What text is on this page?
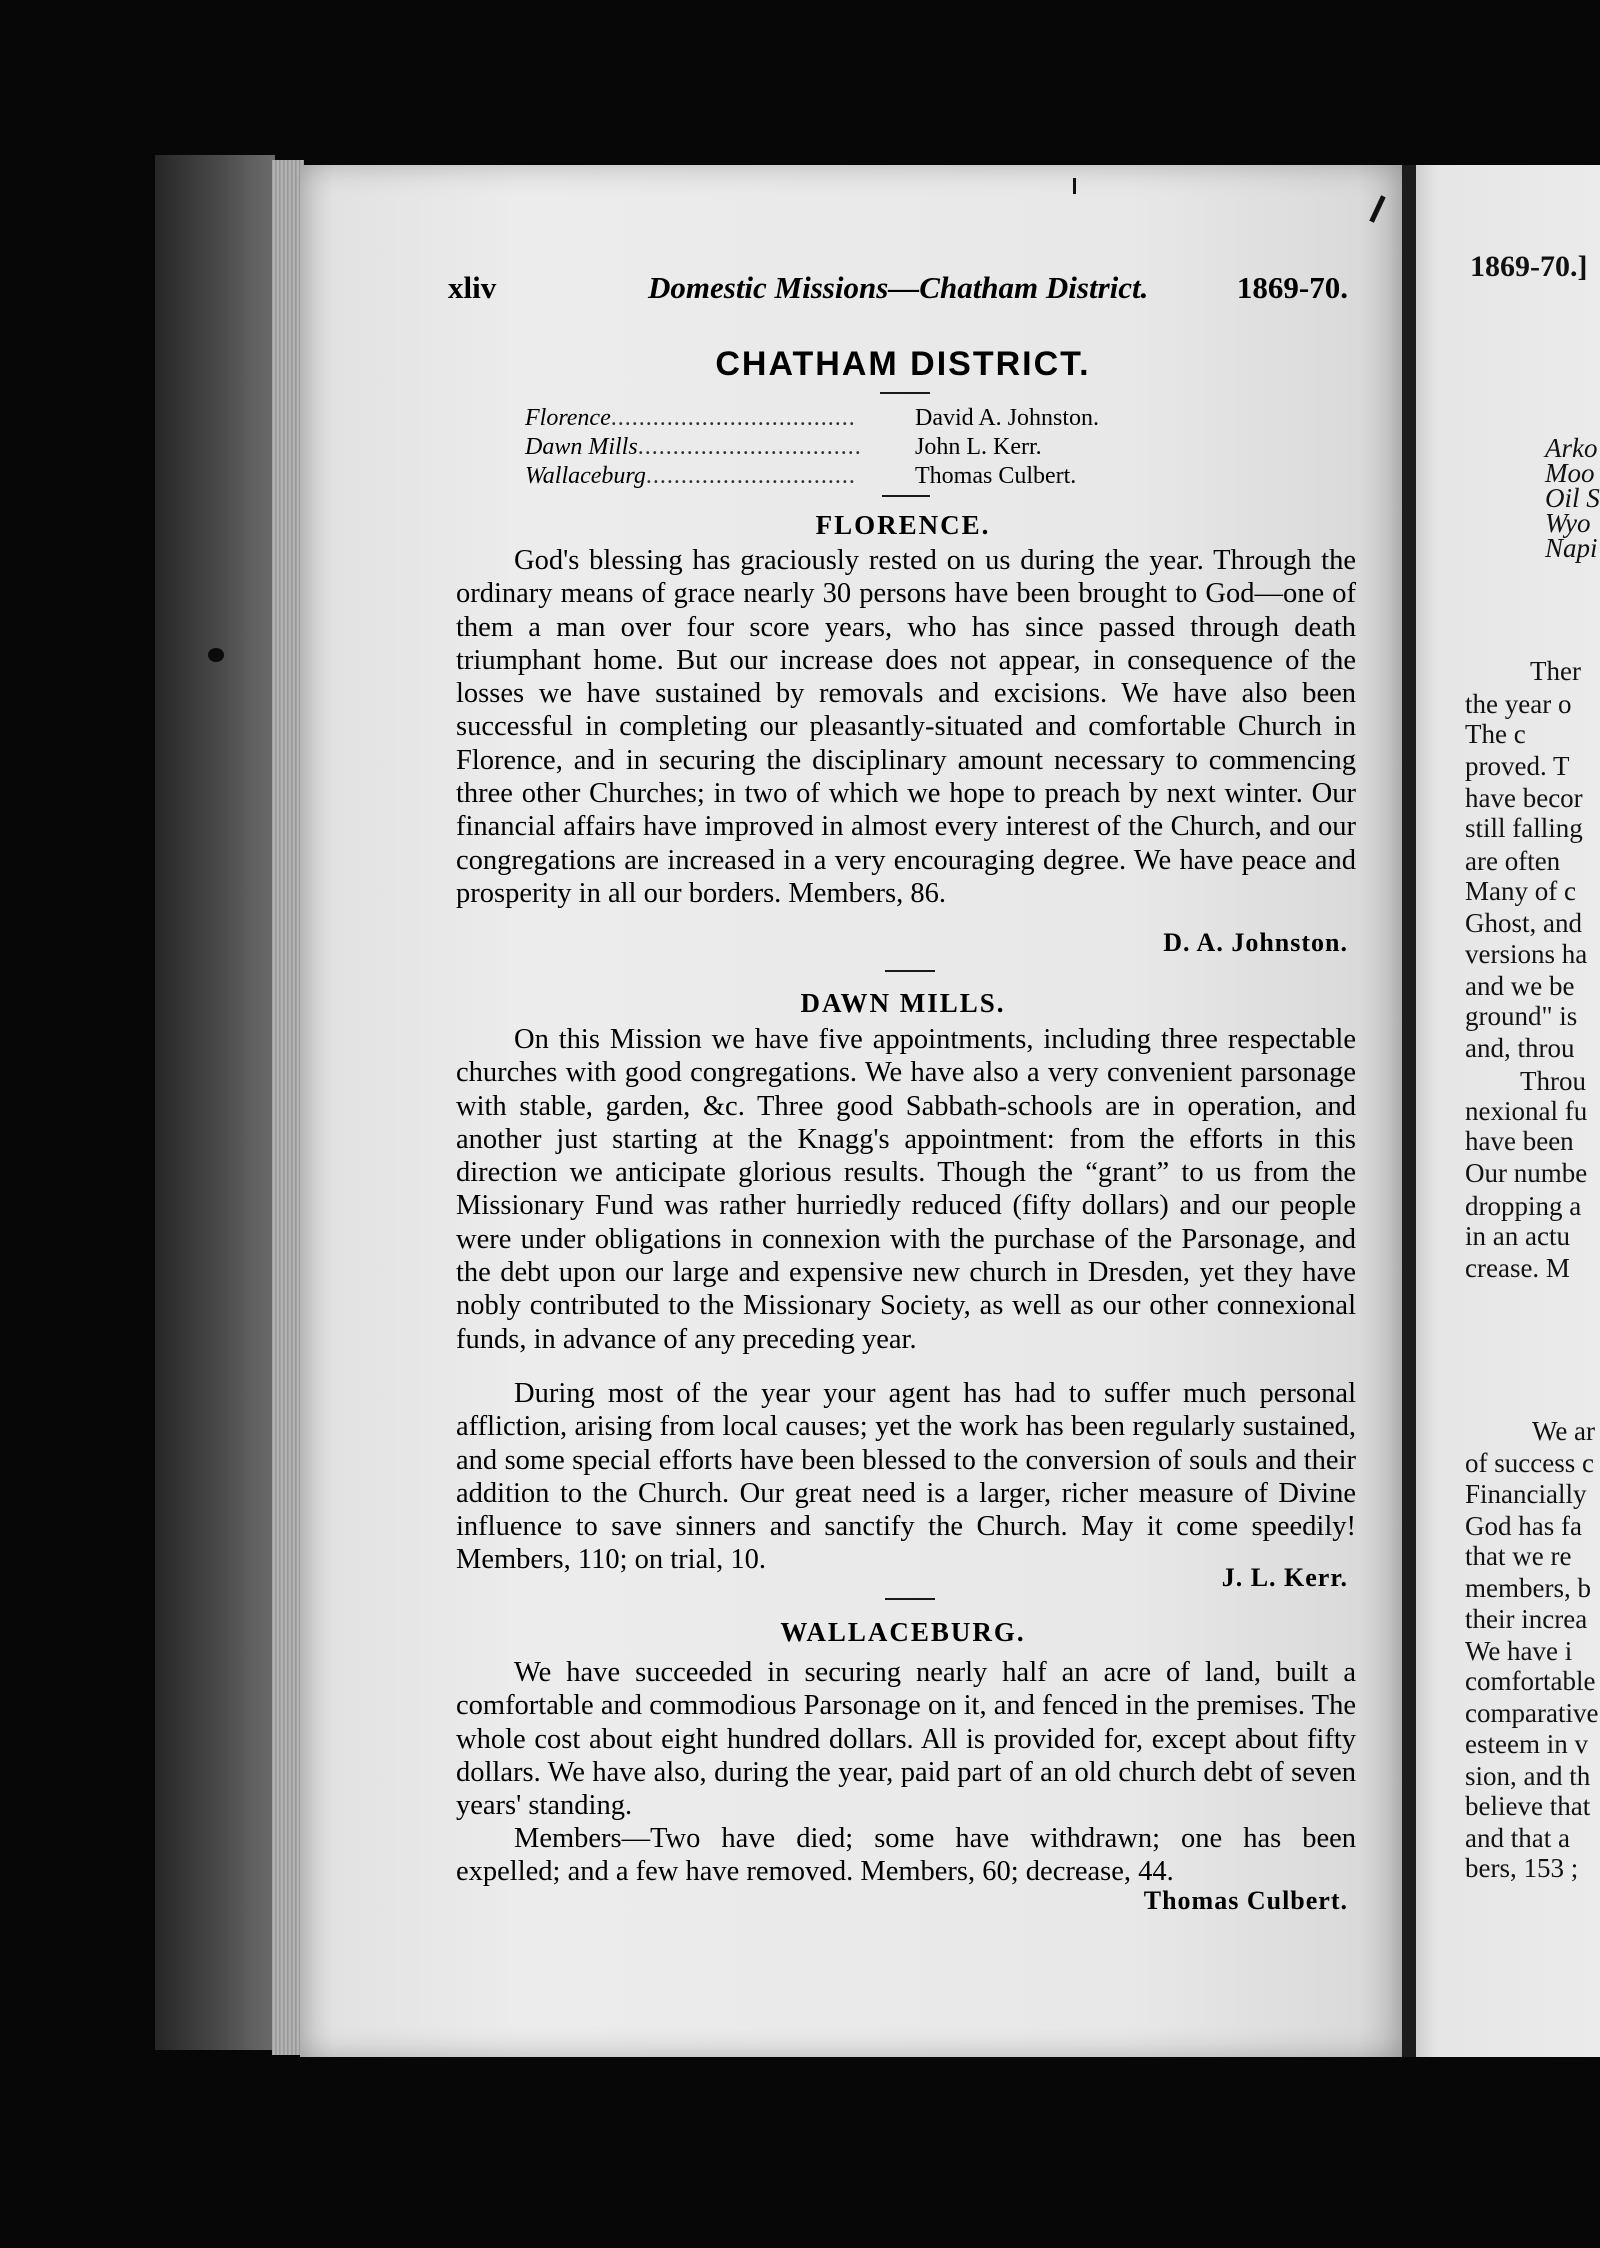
xliv	Domestic Missions—Chatham District.	1869-70.
CHATHAM DISTRICT.
Florence................................... David A. Johnston.
Dawn Mills................................ John L. Kerr.
Wallaceburg.............................. Thomas Culbert.
FLORENCE.
God's blessing has graciously rested on us during the year. Through the ordinary means of grace nearly 30 persons have been brought to God—one of them a man over four score years, who has since passed through death triumphant home. But our increase does not appear, in consequence of the losses we have sustained by removals and excisions. We have also been successful in completing our pleasantly-situated and comfortable Church in Florence, and in securing the disciplinary amount necessary to commencing three other Churches; in two of which we hope to preach by next winter. Our financial affairs have improved in almost every interest of the Church, and our congregations are increased in a very encouraging degree. We have peace and prosperity in all our borders. Members, 86.
D. A. Johnston.
DAWN MILLS.
On this Mission we have five appointments, including three respectable churches with good congregations. We have also a very convenient parsonage with stable, garden, &c. Three good Sabbath-schools are in operation, and another just starting at the Knagg's appointment: from the efforts in this direction we anticipate glorious results. Though the “grant” to us from the Missionary Fund was rather hurriedly reduced (fifty dollars) and our people were under obligations in connexion with the purchase of the Parsonage, and the debt upon our large and expensive new church in Dresden, yet they have nobly contributed to the Missionary Society, as well as our other connexional funds, in advance of any preceding year.
During most of the year your agent has had to suffer much personal affliction, arising from local causes; yet the work has been regularly sustained, and some special efforts have been blessed to the conversion of souls and their addition to the Church. Our great need is a larger, richer measure of Divine influence to save sinners and sanctify the Church. May it come speedily! Members, 110; on trial, 10.
J. L. Kerr.
WALLACEBURG.
We have succeeded in securing nearly half an acre of land, built a comfortable and commodious Parsonage on it, and fenced in the premises. The whole cost about eight hundred dollars. All is provided for, except about fifty dollars. We have also, during the year, paid part of an old church debt of seven years' standing.
Members—Two have died; some have withdrawn; one has been expelled; and a few have removed. Members, 60; decrease, 44.
Thomas Culbert.
1869-70.]
Arko
Moo
Oil S
Wyo
Napi
Ther
the year o
The c
proved. T
have becor
still falling
are often
Many of c
Ghost, and
versions ha
and we be
ground" is
and, throu
Throu
nexional fu
have been
Our numbe
dropping a
in an actu
crease. M
We ar
of success c
Financially
God has fa
that we re
members, b
their increa
We have i
comfortable
comparative
esteem in v
sion, and th
believe that
and that a
bers, 153 ;
